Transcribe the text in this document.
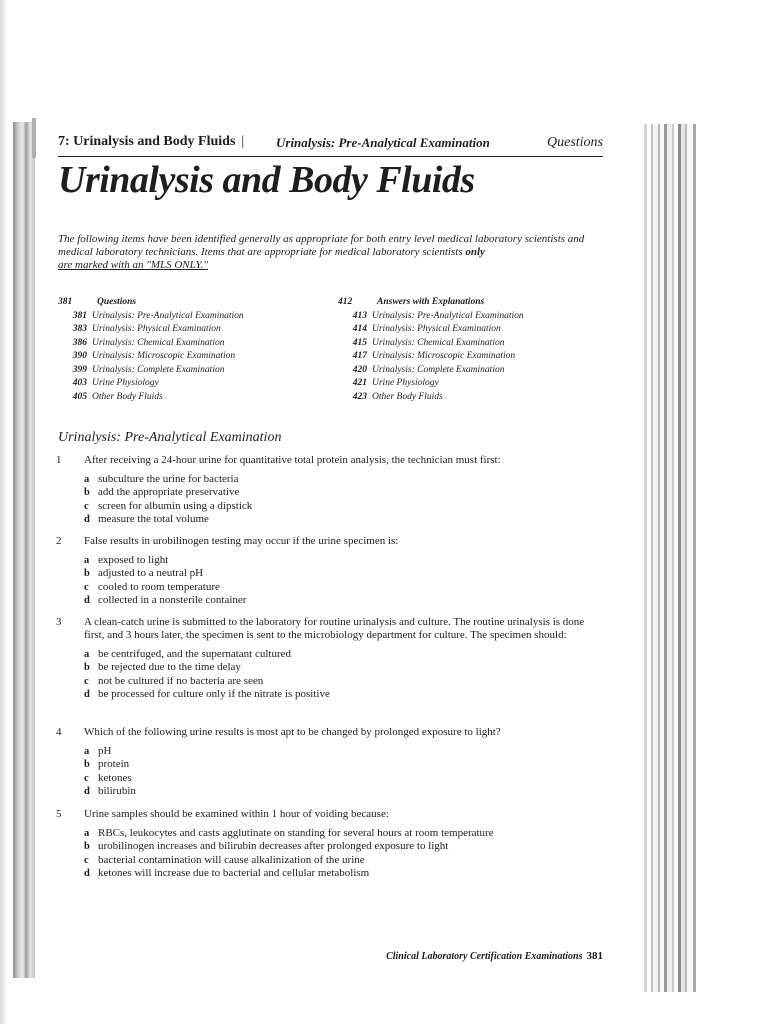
7: Urinalysis and Body Fluids |	Urinalysis: Pre-Analytical Examination	Questions
Urinalysis and Body Fluids

The following items have been identified generally as appropriate for both entry level medical laboratory scientists and medical laboratory technicians. Items that are appropriate for medical laboratory scientists only
are marked with an "MLS ONLY."

381	Questions
381 Urinalysis: Pre-Analytical Examination
383 Urinalysis: Physical Examination
386 Urinalysis: Chemical Examination
390 Urinalysis: Microscopic Examination
399 Urinalysis: Complete Examination
403 Urine Physiology
405 Other Body Fluids
412	Answers with Explanations
413 Urinalysis: Pre-Analytical Examination
414 Urinalysis: Physical Examination
415 Urinalysis: Chemical Examination
417 Urinalysis: Microscopic Examination
420 Urinalysis: Complete Examination
421 Urine Physiology
423 Other Body Fluids
Urinalysis: Pre-Analytical Examination
1	After receiving a 24-hour urine for quantitative total protein analysis, the technician must first:
a subculture the urine for bacteria
b add the appropriate preservative
c screen for albumin using a dipstick
d measure the total volume
2	False results in urobilinogen testing may occur if the urine specimen is:
a exposed to light
b adjusted to a neutral pH
c cooled to room temperature
d collected in a nonsterile container
3	A clean-catch urine is submitted to the laboratory for routine urinalysis and culture. The routine urinalysis is done first, and 3 hours later, the specimen is sent to the microbiology department for culture. The specimen should:
a be centrifuged, and the supernatant cultured
b be rejected due to the time delay
c not be cultured if no bacteria are seen
d be processed for culture only if the nitrate is positive
4	Which of the following urine results is most apt to be changed by prolonged exposure to light?
a pH
b protein
c ketones
d bilirubin
5	Urine samples should be examined within 1 hour of voiding because:
a RBCs, leukocytes and casts agglutinate on standing for several hours at room temperature
b urobilinogen increases and bilirubin decreases after prolonged exposure to light
c bacterial contamination will cause alkalinization of the urine
d ketones will increase due to bacterial and cellular metabolism
Clinical Laboratory Certification Examinations 381
